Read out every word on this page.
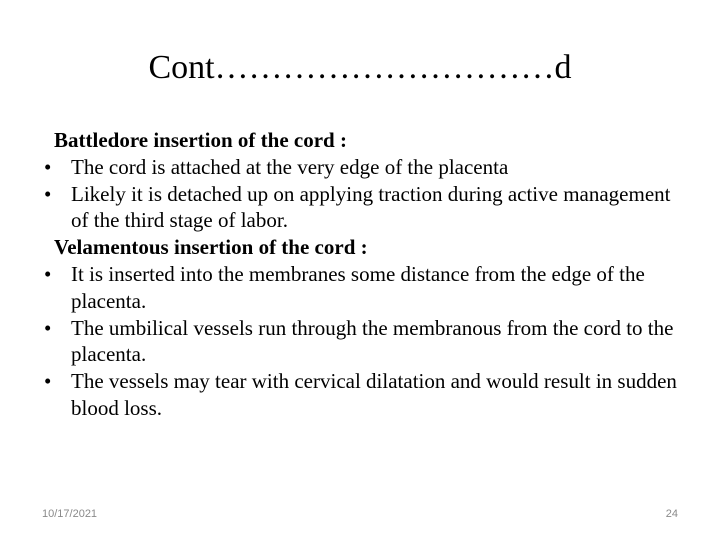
Cont…………………………d
Battledore insertion of the cord :
• The cord is attached at the very edge of the placenta
• Likely it is detached up on applying traction during active management of the third stage of labor.
Velamentous insertion of the cord :
• It is inserted into the membranes some distance from the edge of the placenta.
• The umbilical vessels run through the membranous from the cord to the placenta.
• The vessels may tear with cervical dilatation and would result in sudden blood loss.
10/17/2021	24
